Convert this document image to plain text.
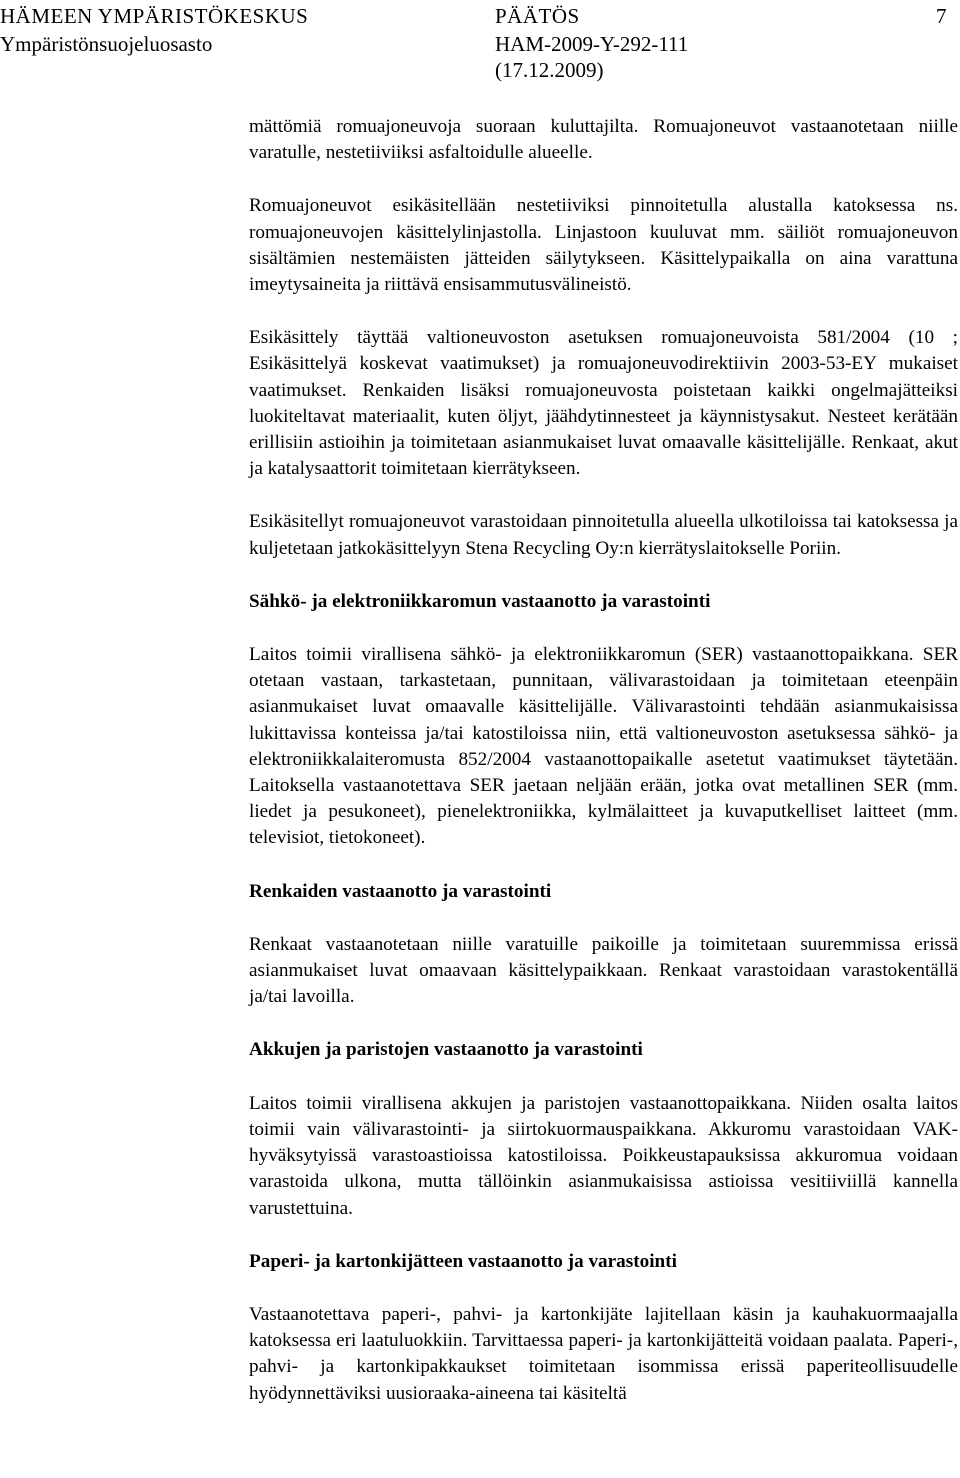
HÄMEEN YMPÄRISTÖKESKUS
Ympäristönsuojeluosasto
PÄÄTÖS
HAM-2009-Y-292-111
(17.12.2009)
7

mättömiä romuajoneuvoja suoraan kuluttajilta. Romuajoneuvot vastaanotetaan niille varatulle, nestetiiviiksi asfaltoidulle alueelle.

Romuajoneuvot esikäsitellään nestetiiviksi pinnoitetulla alustalla katoksessa ns. romuajoneuvojen käsittelylinjastolla. Linjastoon kuuluvat mm. säiliöt romuajoneuvon sisältämien nestemäisten jätteiden säilytykseen. Käsittelypaikalla on aina varattuna imeytysaineita ja riittävä ensisammutusvälineistö.

Esikäsittely täyttää valtioneuvoston asetuksen romuajoneuvoista 581/2004 (10 ; Esikäsittelyä koskevat vaatimukset) ja romuajoneuvodirektiivin 2003-53-EY mukaiset vaatimukset. Renkaiden lisäksi romuajoneuvosta poistetaan kaikki ongelmajätteiksi luokiteltavat materiaalit, kuten öljyt, jäähdytinnesteet ja käynnistysakut. Nesteet kerätään erillisiin astioihin ja toimitetaan asianmukaiset luvat omaavalle käsittelijälle. Renkaat, akut ja katalysaattorit toimitetaan kierrätykseen.

Esikäsitellyt romuajoneuvot varastoidaan pinnoitetulla alueella ulkotiloissa tai katoksessa ja kuljetetaan jatkokäsittelyyn Stena Recycling Oy:n kierrätyslaitokselle Poriin.

Sähkö- ja elektroniikkaromun vastaanotto ja varastointi

Laitos toimii virallisena sähkö- ja elektroniikkaromun (SER) vastaanottopaikkana. SER otetaan vastaan, tarkastetaan, punnitaan, välivarastoidaan ja toimitetaan eteenpäin asianmukaiset luvat omaavalle käsittelijälle. Välivarastointi tehdään asianmukaisissa lukittavissa konteissa ja/tai katostiloissa niin, että valtioneuvoston asetuksessa sähkö- ja elektroniikkalaiteromusta 852/2004 vastaanottopaikalle asetetut vaatimukset täytetään. Laitoksella vastaanotettava SER jaetaan neljään erään, jotka ovat metallinen SER (mm. liedet ja pesukoneet), pienelektroniikka, kylmälaitteet ja kuvaputkelliset laitteet (mm. televisiot, tietokoneet).

Renkaiden vastaanotto ja varastointi

Renkaat vastaanotetaan niille varatuille paikoille ja toimitetaan suuremmissa erissä asianmukaiset luvat omaavaan käsittelypaikkaan. Renkaat varastoidaan varastokentällä ja/tai lavoilla.

Akkujen ja paristojen vastaanotto ja varastointi

Laitos toimii virallisena akkujen ja paristojen vastaanottopaikkana. Niiden osalta laitos toimii vain välivarastointi- ja siirtokuormauspaikkana. Akkuromu varastoidaan VAK-hyväksytyissä varastoastioissa katostiloissa. Poikkeustapauksissa akkuromua voidaan varastoida ulkona, mutta tällöinkin asianmukaisissa astioissa vesitiiviillä kannella varustettuina.

Paperi- ja kartonkijätteen vastaanotto ja varastointi

Vastaanotettava paperi-, pahvi- ja kartonkijäte lajitellaan käsin ja kauhakuormaajalla katoksessa eri laatuluokkiin. Tarvittaessa paperi- ja kartonkijätteitä voidaan paalata. Paperi-, pahvi- ja kartonkipakkaukset toimitetaan isommissa erissä paperiteollisuudelle hyödynnettäviksi uusioraaka-aineena tai käsiteltä
